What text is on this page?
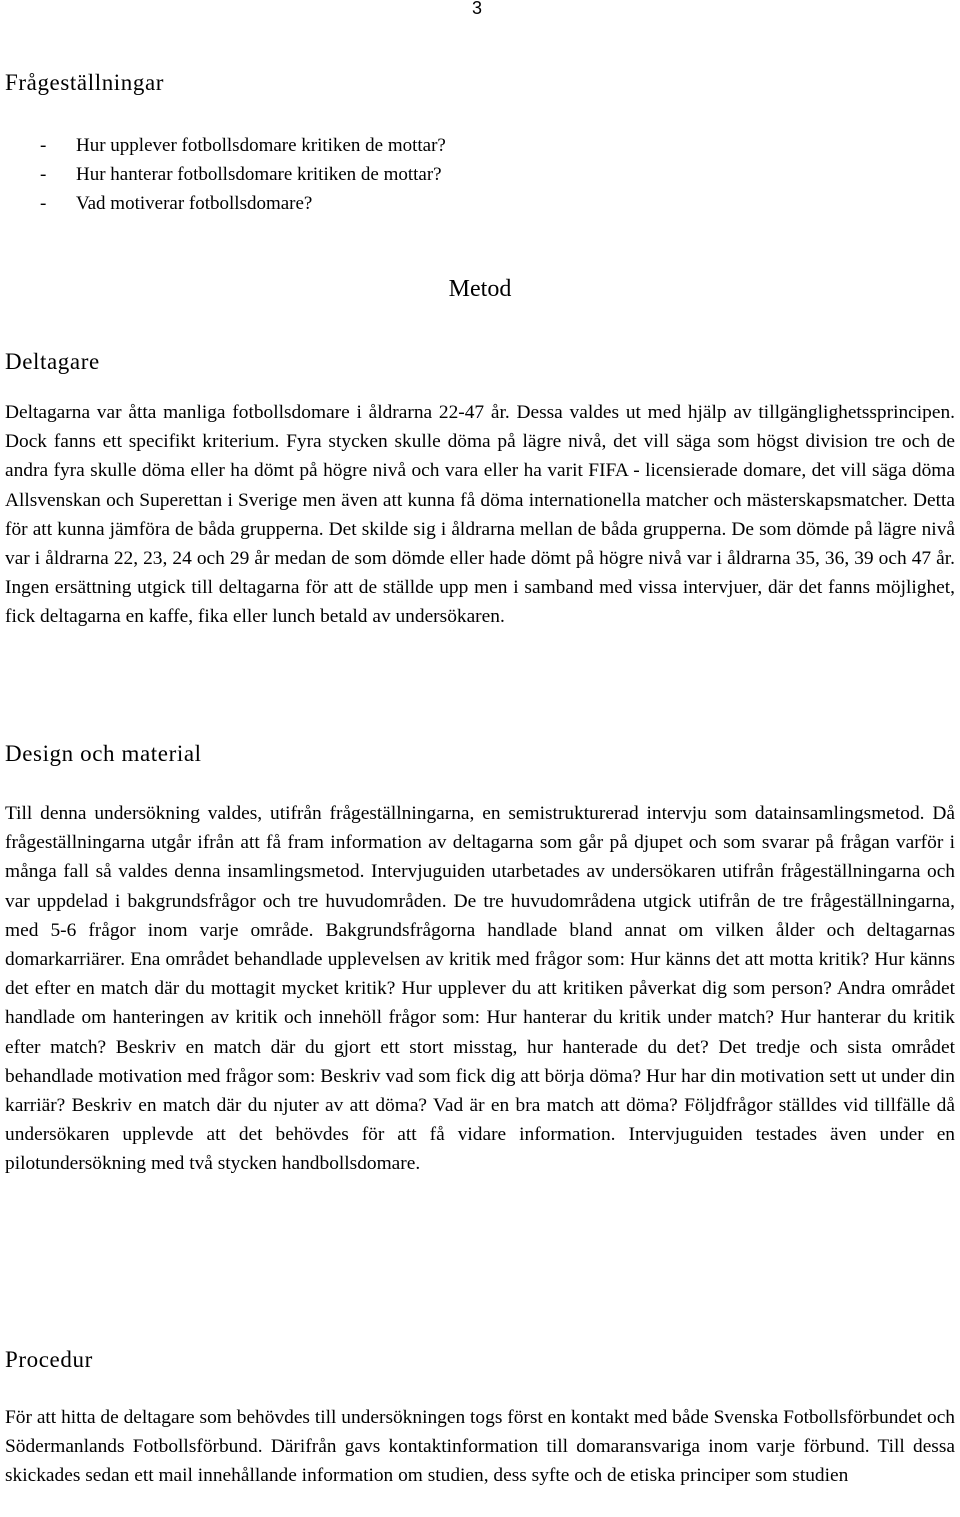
3
Frågeställningar
- Hur upplever fotbollsdomare kritiken de mottar?
- Hur hanterar fotbollsdomare kritiken de mottar?
- Vad motiverar fotbollsdomare?
Metod
Deltagare

Deltagarna var åtta manliga fotbollsdomare i åldrarna 22-47 år. Dessa valdes ut med hjälp av tillgänglighetssprincipen. Dock fanns ett specifikt kriterium. Fyra stycken skulle döma på lägre nivå, det vill säga som högst division tre och de andra fyra skulle döma eller ha dömt på högre nivå och vara eller ha varit FIFA - licensierade domare, det vill säga döma Allsvenskan och Superettan i Sverige men även att kunna få döma internationella matcher och mästerskapsmatcher. Detta för att kunna jämföra de båda grupperna. Det skilde sig i åldrarna mellan de båda grupperna. De som dömde på lägre nivå var i åldrarna 22, 23, 24 och 29 år medan de som dömde eller hade dömt på högre nivå var i åldrarna 35, 36, 39 och 47 år. Ingen ersättning utgick till deltagarna för att de ställde upp men i samband med vissa intervjuer, där det fanns möjlighet, fick deltagarna en kaffe, fika eller lunch betald av undersökaren.

Design och material

Till denna undersökning valdes, utifrån frågeställningarna, en semistrukturerad intervju som datainsamlingsmetod. Då frågeställningarna utgår ifrån att få fram information av deltagarna som går på djupet och som svarar på frågan varför i många fall så valdes denna insamlingsmetod. Intervjuguiden utarbetades av undersökaren utifrån frågeställningarna och var uppdelad i bakgrundsfrågor och tre huvudområden. De tre huvudområdena utgick utifrån de tre frågeställningarna, med 5-6 frågor inom varje område. Bakgrundsfrågorna handlade bland annat om vilken ålder och deltagarnas domarkarriärer. Ena området behandlade upplevelsen av kritik med frågor som: Hur känns det att motta kritik? Hur känns det efter en match där du mottagit mycket kritik? Hur upplever du att kritiken påverkat dig som person? Andra området handlade om hanteringen av kritik och innehöll frågor som: Hur hanterar du kritik under match? Hur hanterar du kritik efter match? Beskriv en match där du gjort ett stort misstag, hur hanterade du det? Det tredje och sista området behandlade motivation med frågor som: Beskriv vad som fick dig att börja döma? Hur har din motivation sett ut under din karriär? Beskriv en match där du njuter av att döma? Vad är en bra match att döma? Följdfrågor ställdes vid tillfälle då undersökaren upplevde att det behövdes för att få vidare information. Intervjuguiden testades även under en pilotundersökning med två stycken handbollsdomare.

Procedur

För att hitta de deltagare som behövdes till undersökningen togs först en kontakt med både Svenska Fotbollsförbundet och Södermanlands Fotbollsförbund. Därifrån gavs kontaktinformation till domaransvariga inom varje förbund. Till dessa skickades sedan ett mail innehållande information om studien, dess syfte och de etiska principer som studien
